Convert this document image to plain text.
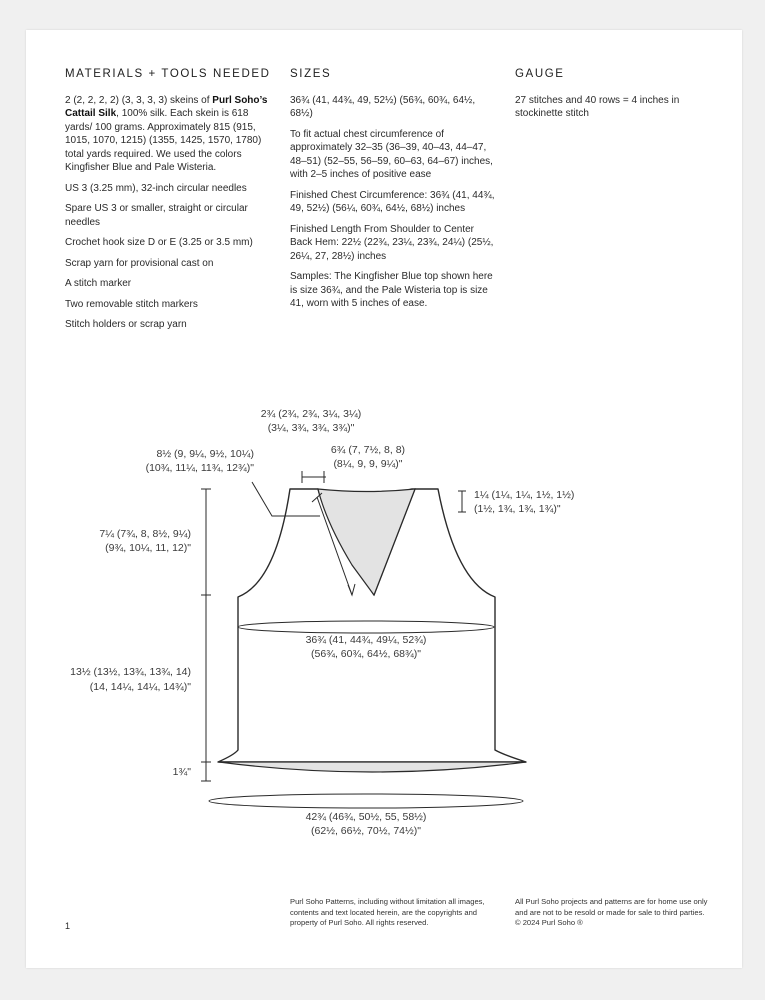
MATERIALS + TOOLS NEEDED

2 (2, 2, 2, 2) (3, 3, 3, 3) skeins of Purl Soho’s Cattail Silk, 100% silk. Each skein is 618 yards/ 100 grams. Approximately 815 (915, 1015, 1070, 1215) (1355, 1425, 1570, 1780) total yards required. We used the colors Kingfisher Blue and Pale Wisteria.

US 3 (3.25 mm), 32-inch circular needles

Spare US 3 or smaller, straight or circular needles

Crochet hook size D or E (3.25 or 3.5 mm)

Scrap yarn for provisional cast on

A stitch marker

Two removable stitch markers

Stitch holders or scrap yarn

SIZES

36¾ (41, 44¾, 49, 52½) (56¾, 60¾, 64½, 68½)

To fit actual chest circumference of approximately 32–35 (36–39, 40–43, 44–47, 48–51) (52–55, 56–59, 60–63, 64–67) inches, with 2–5 inches of positive ease

Finished Chest Circumference: 36¾ (41, 44¾, 49, 52½) (56¼, 60¾, 64½, 68½) inches

Finished Length From Shoulder to Center Back Hem: 22½ (22¾, 23¼, 23¾, 24¼) (25½, 26¼, 27, 28½) inches

Samples: The Kingfisher Blue top shown here is size 36¾, and the Pale Wisteria top is size 41, worn with 5 inches of ease.

GAUGE

27 stitches and 40 rows = 4 inches in stockinette stitch

2¾ (2¾, 2¾, 3¼, 3¼)
(3¼, 3¾, 3¾, 3¾)"
8½ (9, 9¼, 9½, 10¼)
(10¾, 11¼, 11¾, 12¾)"
6¾ (7, 7½, 8, 8)
(8¼, 9, 9, 9¼)"
1¼ (1¼, 1¼, 1½, 1½)
(1½, 1¾, 1¾, 1¾)"
7¼ (7¾, 8, 8½, 9¼)
(9¾, 10¼, 11, 12)"
36¾ (41, 44¾, 49¼, 52¾)
(56¾, 60¾, 64½, 68¾)"
13½ (13½, 13¾, 13¾, 14)
(14, 14¼, 14¼, 14¾)"
1¾"
42¾ (46¾, 50½, 55, 58½)
(62½, 66½, 70½, 74½)"
Purl Soho Patterns, including without limitation all images, contents and text located herein, are the copyrights and property of Purl Soho. All rights reserved.
All Purl Soho projects and patterns are for home use only and are not to be resold or made for sale to third parties.
© 2024 Purl Soho ®
1
